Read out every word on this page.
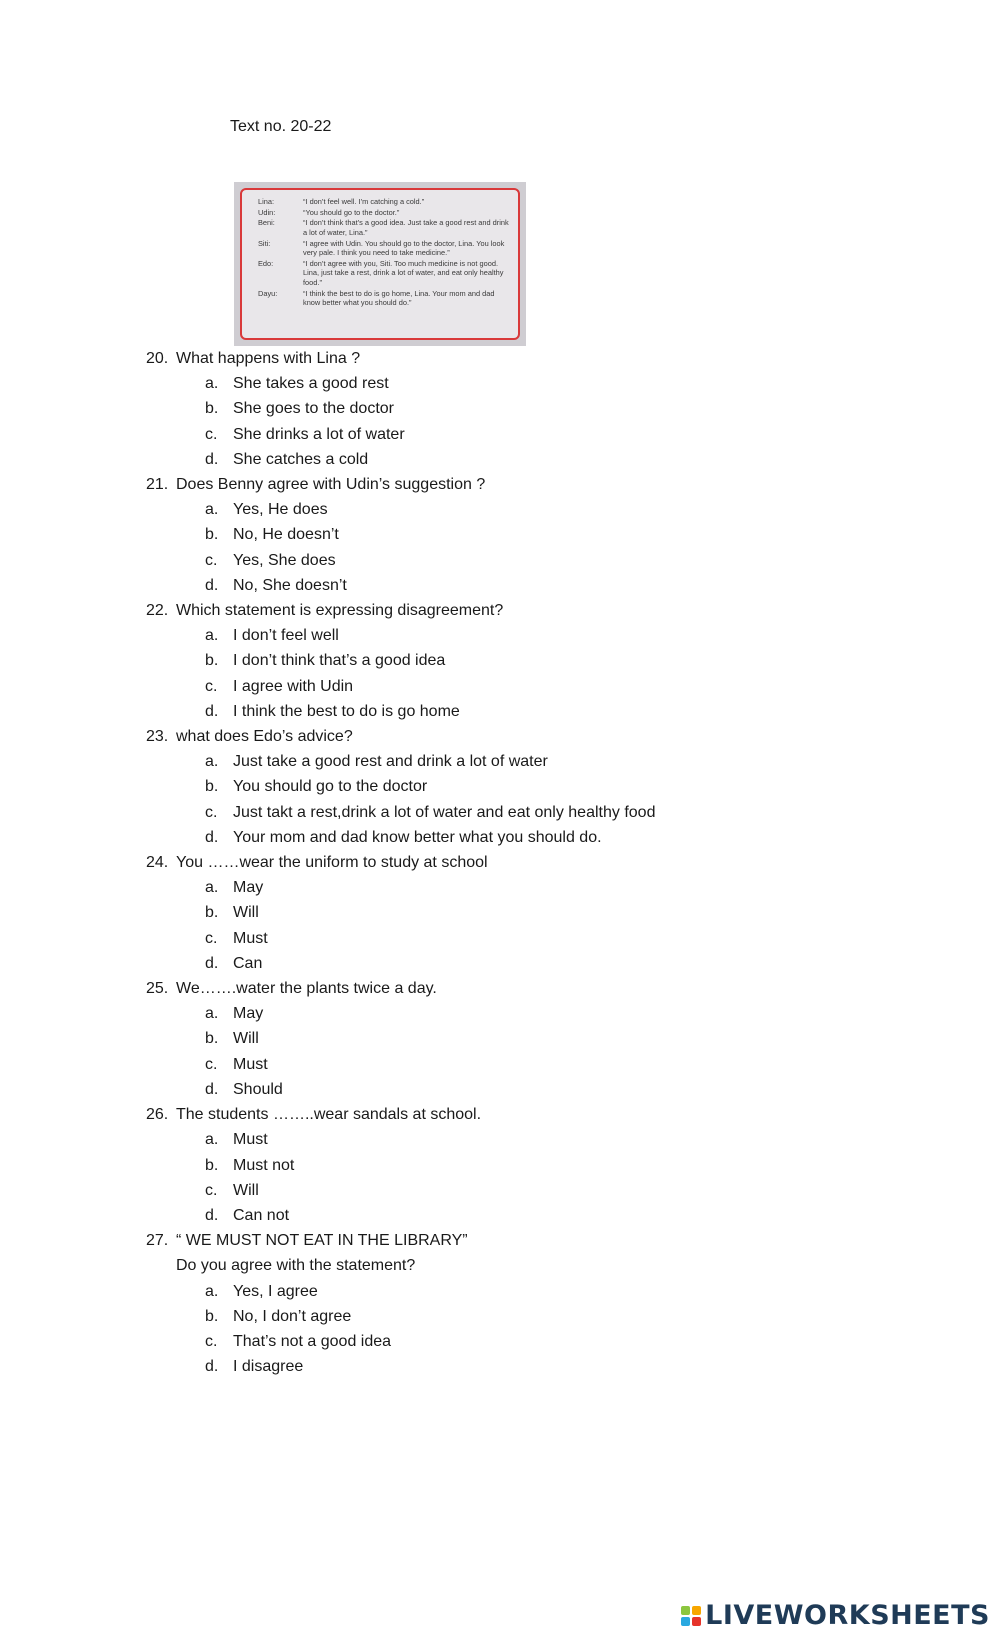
Text no. 20-22
Lina:	“I don’t feel well. I’m catching a cold.”
Udin:	“You should go to the doctor.”
Beni:	“I don’t think that’s a good idea. Just take a good rest and drink a lot of water, Lina.”
Siti:	“I agree with Udin. You should go to the doctor, Lina. You look very pale. I think you need to take medicine.”
Edo:	“I don’t agree with you, Siti. Too much medicine is not good. Lina, just take a rest, drink a lot of water, and eat only healthy food.”
Dayu:	“I think the best to do is go home, Lina. Your mom and dad know better what you should do.”
20. What happens with Lina ?
a. She takes a good rest
b. She goes to the doctor
c. She drinks a lot of water
d. She catches a cold
21. Does Benny agree with Udin’s suggestion ?
a. Yes, He does
b. No, He doesn’t
c. Yes, She does
d. No, She doesn’t
22. Which statement is expressing disagreement?
a. I don’t feel well
b. I don’t think that’s a good idea
c. I agree with Udin
d. I think the best to do is go home
23. what does Edo’s advice?
a. Just take a good rest and drink a lot of water
b. You should go to the doctor
c. Just takt a rest,drink a lot of water and eat only healthy food
d. Your mom and dad know better what you should do.
24. You ……wear the uniform to study at school
a. May
b. Will
c. Must
d. Can
25. We…….water the plants twice a day.
a. May
b. Will
c. Must
d. Should
26. The students ……..wear sandals at school.
a. Must
b. Must not
c. Will
d. Can not
27. “ WE MUST NOT EAT IN THE LIBRARY”
Do you agree with the statement?
a. Yes, I agree
b. No, I don’t agree
c. That’s not a good idea
d. I disagree
LIVEWORKSHEETS
